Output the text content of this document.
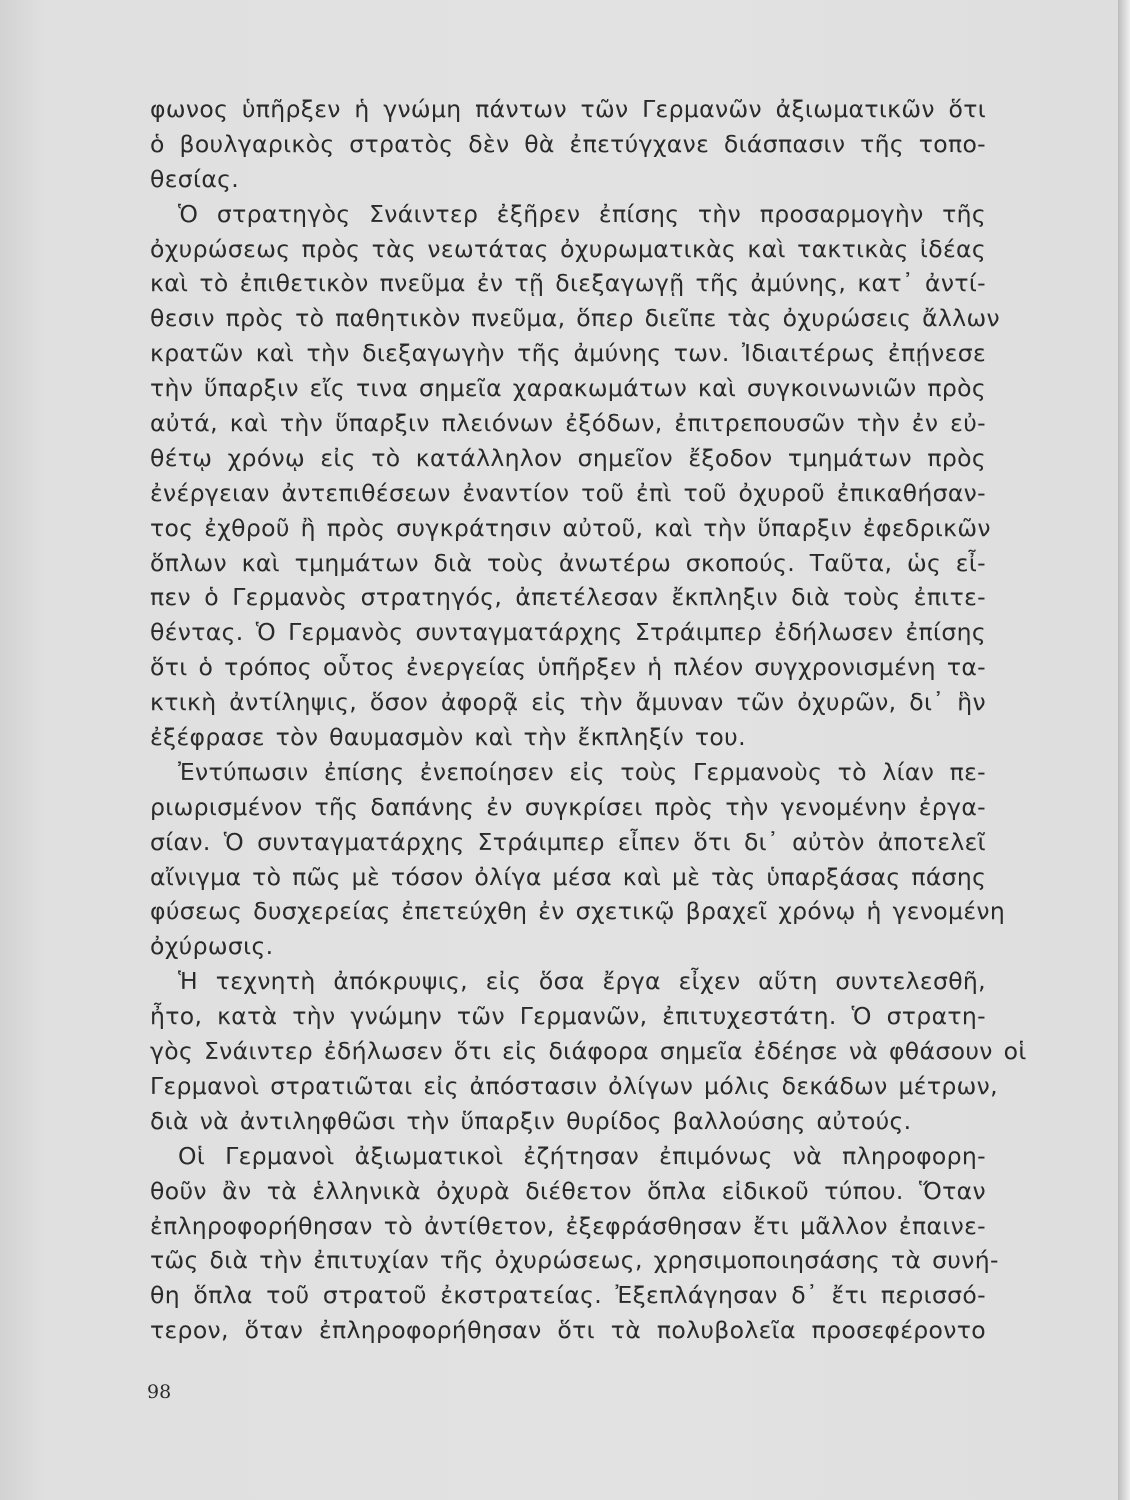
φωνος ὑπῆρξεν ἡ γνώμη πάντων τῶν Γερμανῶν ἀξιωματικῶν ὅτι
ὁ βουλγαρικὸς στρατὸς δὲν θὰ ἐπετύγχανε διάσπασιν τῆς τοπο-
θεσίας.
Ὁ στρατηγὸς Σνάιντερ ἐξῆρεν ἐπίσης τὴν προσαρμογὴν τῆς
ὀχυρώσεως πρὸς τὰς νεωτάτας ὀχυρωματικὰς καὶ τακτικὰς ἰδέας
καὶ τὸ ἐπιθετικὸν πνεῦμα ἐν τῇ διεξαγωγῇ τῆς ἀμύνης, κατ᾽ ἀντί-
θεσιν πρὸς τὸ παθητικὸν πνεῦμα, ὅπερ διεῖπε τὰς ὀχυρώσεις ἄλλων
κρατῶν καὶ τὴν διεξαγωγὴν τῆς ἀμύνης των. Ἰδιαιτέρως ἐπῄνεσε
τὴν ὕπαρξιν εἴς τινα σημεῖα χαρακωμάτων καὶ συγκοινωνιῶν πρὸς
αὐτά, καὶ τὴν ὕπαρξιν πλειόνων ἐξόδων, ἐπιτρεπουσῶν τὴν ἐν εὐ-
θέτῳ χρόνῳ εἰς τὸ κατάλληλον σημεῖον ἔξοδον τμημάτων πρὸς
ἐνέργειαν ἀντεπιθέσεων ἐναντίον τοῦ ἐπὶ τοῦ ὀχυροῦ ἐπικαθήσαν-
τος ἐχθροῦ ἢ πρὸς συγκράτησιν αὐτοῦ, καὶ τὴν ὕπαρξιν ἐφεδρικῶν
ὅπλων καὶ τμημάτων διὰ τοὺς ἀνωτέρω σκοπούς. Ταῦτα, ὡς εἶ-
πεν ὁ Γερμανὸς στρατηγός, ἀπετέλεσαν ἔκπληξιν διὰ τοὺς ἐπιτε-
θέντας. Ὁ Γερμανὸς συνταγματάρχης Στράιμπερ ἐδήλωσεν ἐπίσης
ὅτι ὁ τρόπος οὗτος ἐνεργείας ὑπῆρξεν ἡ πλέον συγχρονισμένη τα-
κτικὴ ἀντίληψις, ὅσον ἀφορᾷ εἰς τὴν ἄμυναν τῶν ὀχυρῶν, δι᾽ ἣν
ἐξέφρασε τὸν θαυμασμὸν καὶ τὴν ἔκπληξίν του.
Ἐντύπωσιν ἐπίσης ἐνεποίησεν εἰς τοὺς Γερμανοὺς τὸ λίαν πε-
ριωρισμένον τῆς δαπάνης ἐν συγκρίσει πρὸς τὴν γενομένην ἐργα-
σίαν. Ὁ συνταγματάρχης Στράιμπερ εἶπεν ὅτι δι᾽ αὐτὸν ἀποτελεῖ
αἴνιγμα τὸ πῶς μὲ τόσον ὀλίγα μέσα καὶ μὲ τὰς ὑπαρξάσας πάσης
φύσεως δυσχερείας ἐπετεύχθη ἐν σχετικῷ βραχεῖ χρόνῳ ἡ γενομένη
ὀχύρωσις.
Ἡ τεχνητὴ ἀπόκρυψις, εἰς ὅσα ἔργα εἶχεν αὕτη συντελεσθῆ,
ἦτο, κατὰ τὴν γνώμην τῶν Γερμανῶν, ἐπιτυχεστάτη. Ὁ στρατη-
γὸς Σνάιντερ ἐδήλωσεν ὅτι εἰς διάφορα σημεῖα ἐδέησε νὰ φθάσουν οἱ
Γερμανοὶ στρατιῶται εἰς ἀπόστασιν ὀλίγων μόλις δεκάδων μέτρων,
διὰ νὰ ἀντιληφθῶσι τὴν ὕπαρξιν θυρίδος βαλλούσης αὐτούς.
Οἱ Γερμανοὶ ἀξιωματικοὶ ἐζήτησαν ἐπιμόνως νὰ πληροφορη-
θοῦν ἂν τὰ ἑλληνικὰ ὀχυρὰ διέθετον ὅπλα εἰδικοῦ τύπου. Ὅταν
ἐπληροφορήθησαν τὸ ἀντίθετον, ἐξεφράσθησαν ἔτι μᾶλλον ἐπαινε-
τῶς διὰ τὴν ἐπιτυχίαν τῆς ὀχυρώσεως, χρησιμοποιησάσης τὰ συνή-
θη ὅπλα τοῦ στρατοῦ ἐκστρατείας. Ἐξεπλάγησαν δ᾽ ἔτι περισσό-
τερον, ὅταν ἐπληροφορήθησαν ὅτι τὰ πολυβολεῖα προσεφέροντο
98
